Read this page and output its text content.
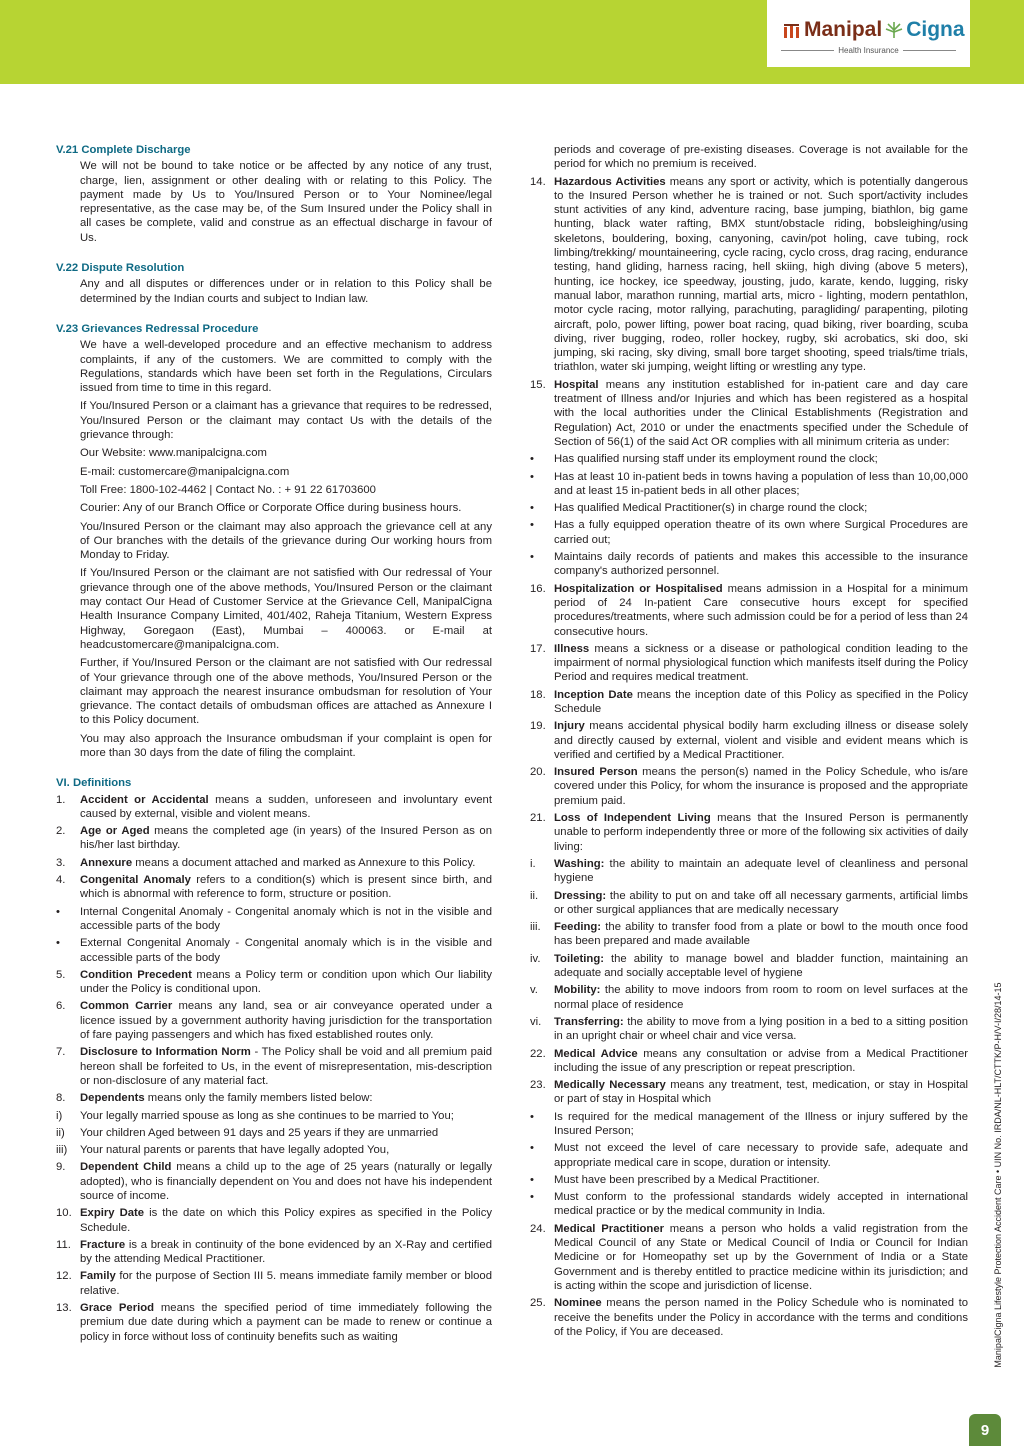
Manipal Cigna
Health Insurance
V.21 Complete Discharge
We will not be bound to take notice or be affected by any notice of any trust, charge, lien, assignment or other dealing with or relating to this Policy. The payment made by Us to You/Insured Person or to Your Nominee/legal representative, as the case may be, of the Sum Insured under the Policy shall in all cases be complete, valid and construe as an effectual discharge in favour of Us.
V.22 Dispute Resolution
Any and all disputes or differences under or in relation to this Policy shall be determined by the Indian courts and subject to Indian law.
V.23 Grievances Redressal Procedure
We have a well-developed procedure and an effective mechanism to address complaints, if any of the customers. We are committed to comply with the Regulations, standards which have been set forth in the Regulations, Circulars issued from time to time in this regard.
If You/Insured Person or a claimant has a grievance that requires to be redressed, You/Insured Person or the claimant may contact Us with the details of the grievance through:
Our Website: www.manipalcigna.com
E-mail: customercare@manipalcigna.com
Toll Free: 1800-102-4462 | Contact No. : + 91 22 61703600
Courier: Any of our Branch Office or Corporate Office during business hours.
You/Insured Person or the claimant may also approach the grievance cell at any of Our branches with the details of the grievance during Our working hours from Monday to Friday.
If You/Insured Person or the claimant are not satisfied with Our redressal of Your grievance through one of the above methods, You/Insured Person or the claimant may contact Our Head of Customer Service at the Grievance Cell, ManipalCigna Health Insurance Company Limited, 401/402, Raheja Titanium, Western Express Highway, Goregaon (East), Mumbai – 400063. or E-mail at headcustomercare@manipalcigna.com.
Further, if You/Insured Person or the claimant are not satisfied with Our redressal of Your grievance through one of the above methods, You/Insured Person or the claimant may approach the nearest insurance ombudsman for resolution of Your grievance. The contact details of ombudsman offices are attached as Annexure I to this Policy document.
You may also approach the Insurance ombudsman if your complaint is open for more than 30 days from the date of filing the complaint.
VI. Definitions
1.	Accident or Accidental means a sudden, unforeseen and involuntary event caused by external, visible and violent means.
2.	Age or Aged means the completed age (in years) of the Insured Person as on his/her last birthday.
3.	Annexure means a document attached and marked as Annexure to this Policy.
4.	Congenital Anomaly refers to a condition(s) which is present since birth, and which is abnormal with reference to form, structure or position.
•	Internal Congenital Anomaly - Congenital anomaly which is not in the visible and accessible parts of the body
•	External Congenital Anomaly - Congenital anomaly which is in the visible and accessible parts of the body
5.	Condition Precedent means a Policy term or condition upon which Our liability under the Policy is conditional upon.
6.	Common Carrier means any land, sea or air conveyance operated under a licence issued by a government authority having jurisdiction for the transportation of fare paying passengers and which has fixed established routes only.
7.	Disclosure to Information Norm - The Policy shall be void and all premium paid hereon shall be forfeited to Us, in the event of misrepresentation, mis-description or non-disclosure of any material fact.
8.	Dependents means only the family members listed below:
i)	Your legally married spouse as long as she continues to be married to You;
ii)	Your children Aged between 91 days and 25 years if they are unmarried
iii)	Your natural parents or parents that have legally adopted You,
9.	Dependent Child means a child up to the age of 25 years (naturally or legally adopted), who is financially dependent on You and does not have his independent source of income.
10. Expiry Date is the date on which this Policy expires as specified in the Policy Schedule.
11. Fracture is a break in continuity of the bone evidenced by an X-Ray and certified by the attending Medical Practitioner.
12. Family for the purpose of Section III 5. means immediate family member or blood relative.
13. Grace Period means the specified period of time immediately following the premium due date during which a payment can be made to renew or continue a policy in force without loss of continuity benefits such as waiting
periods and coverage of pre-existing diseases. Coverage is not available for the period for which no premium is received.
14. Hazardous Activities means any sport or activity, which is potentially dangerous to the Insured Person whether he is trained or not. Such sport/activity includes stunt activities of any kind, adventure racing, base jumping, biathlon, big game hunting, black water rafting, BMX stunt/obstacle riding, bobsleighing/using skeletons, bouldering, boxing, canyoning, cavin/pot holing, cave tubing, rock limbing/trekking/ mountaineering, cycle racing, cyclo cross, drag racing, endurance testing, hand gliding, harness racing, hell skiing, high diving (above 5 meters), hunting, ice hockey, ice speedway, jousting, judo, karate, kendo, lugging, risky manual labor, marathon running, martial arts, micro - lighting, modern pentathlon, motor cycle racing, motor rallying, parachuting, paragliding/ parapenting, piloting aircraft, polo, power lifting, power boat racing, quad biking, river boarding, scuba diving, river bugging, rodeo, roller hockey, rugby, ski acrobatics, ski doo, ski jumping, ski racing, sky diving, small bore target shooting, speed trials/time trials, triathlon, water ski jumping, weight lifting or wrestling any type.
15. Hospital means any institution established for in-patient care and day care treatment of Illness and/or Injuries and which has been registered as a hospital with the local authorities under the Clinical Establishments (Registration and Regulation) Act, 2010 or under the enactments specified under the Schedule of Section of 56(1) of the said Act OR complies with all minimum criteria as under:
•	Has qualified nursing staff under its employment round the clock;
•	Has at least 10 in-patient beds in towns having a population of less than 10,00,000 and at least 15 in-patient beds in all other places;
•	Has qualified Medical Practitioner(s) in charge round the clock;
•	Has a fully equipped operation theatre of its own where Surgical Procedures are carried out;
•	Maintains daily records of patients and makes this accessible to the insurance company's authorized personnel.
16. Hospitalization or Hospitalised means admission in a Hospital for a minimum period of 24 In-patient Care consecutive hours except for specified procedures/treatments, where such admission could be for a period of less than 24 consecutive hours.
17. Illness means a sickness or a disease or pathological condition leading to the impairment of normal physiological function which manifests itself during the Policy Period and requires medical treatment.
18. Inception Date means the inception date of this Policy as specified in the Policy Schedule
19. Injury means accidental physical bodily harm excluding illness or disease solely and directly caused by external, violent and visible and evident means which is verified and certified by a Medical Practitioner.
20. Insured Person means the person(s) named in the Policy Schedule, who is/are covered under this Policy, for whom the insurance is proposed and the appropriate premium paid.
21. Loss of Independent Living means that the Insured Person is permanently unable to perform independently three or more of the following six activities of daily living:
i.	Washing: the ability to maintain an adequate level of cleanliness and personal hygiene
ii.	Dressing: the ability to put on and take off all necessary garments, artificial limbs or other surgical appliances that are medically necessary
iii.	Feeding: the ability to transfer food from a plate or bowl to the mouth once food has been prepared and made available
iv.	Toileting: the ability to manage bowel and bladder function, maintaining an adequate and socially acceptable level of hygiene
v.	Mobility: the ability to move indoors from room to room on level surfaces at the normal place of residence
vi.	Transferring: the ability to move from a lying position in a bed to a sitting position in an upright chair or wheel chair and vice versa.
22. Medical Advice means any consultation or advise from a Medical Practitioner including the issue of any prescription or repeat prescription.
23. Medically Necessary means any treatment, test, medication, or stay in Hospital or part of stay in Hospital which
•	Is required for the medical management of the Illness or injury suffered by the Insured Person;
•	Must not exceed the level of care necessary to provide safe, adequate and appropriate medical care in scope, duration or intensity.
•	Must have been prescribed by a Medical Practitioner.
•	Must conform to the professional standards widely accepted in international medical practice or by the medical community in India.
24. Medical Practitioner means a person who holds a valid registration from the Medical Council of any State or Medical Council of India or Council for Indian Medicine or for Homeopathy set up by the Government of India or a State Government and is thereby entitled to practice medicine within its jurisdiction; and is acting within the scope and jurisdiction of license.
25. Nominee means the person named in the Policy Schedule who is nominated to receive the benefits under the Policy in accordance with the terms and conditions of the Policy, if You are deceased.	ManipalCigna Lifestyle Protection Accident Care • UIN No. IRDA/NL-HLT/CTTK/P-H/V-I/28/14-15
9
